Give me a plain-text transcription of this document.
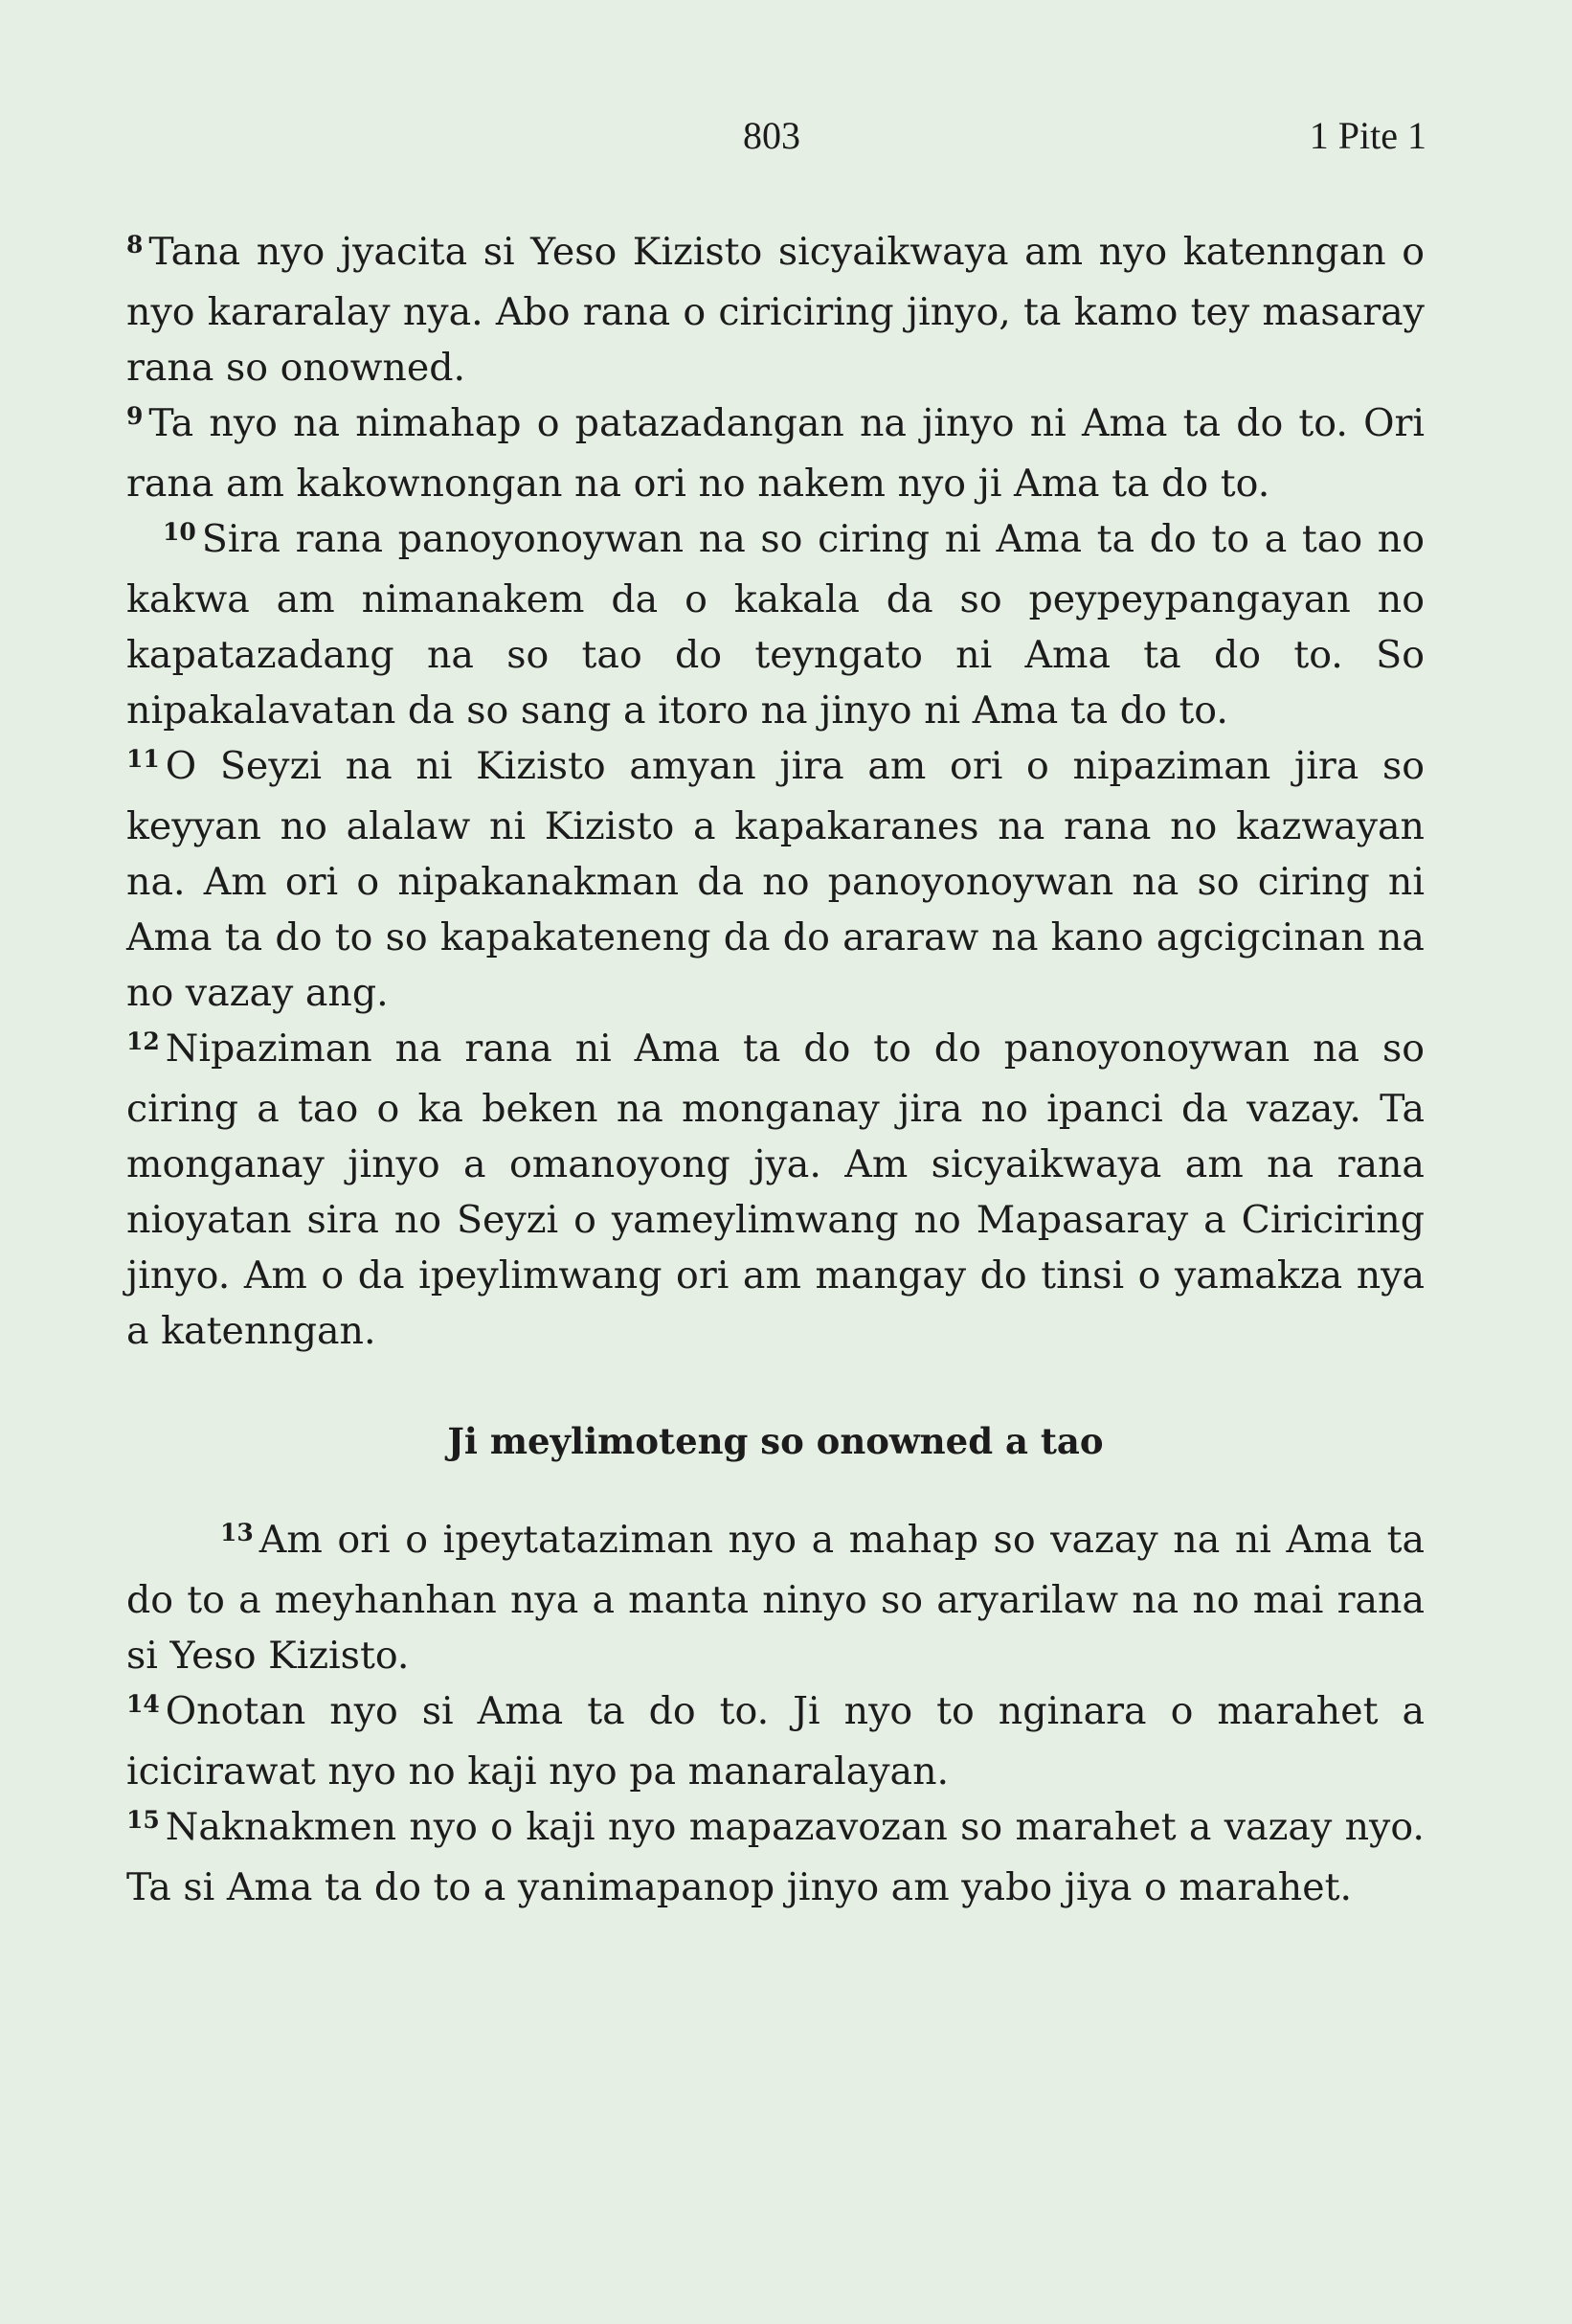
803	1 Pite 1

$^8$ Tana nyo jyacita si Yeso Kizisto sicyaikwaya am nyo katenngan o nyo kararalay nya. Abo rana o ciriciring jinyo, ta kamo tey masaray rana so onowned.

$^9$ Ta nyo na nimahap o patazadangan na jinyo ni Ama ta do to. Ori rana am kakownongan na ori no nakem nyo ji Ama ta do to.

$^{10}$ Sira rana panoyonoywan na so ciring ni Ama ta do to a tao no kakwa am nimanakem da o kakala da so peypeypangayan no kapatazadang na so tao do teyngato ni Ama ta do to. So nipakalavatan da so sang a itoro na jinyo ni Ama ta do to.

$^{11}$ O Seyzi na ni Kizisto amyan jira am ori o nipaziman jira so keyyan no alalaw ni Kizisto a kapakaranes na rana no kazwayan na. Am ori o nipakanakman da no panoyonoywan na so ciring ni Ama ta do to so kapakateneng da do araraw na kano agcigcinan na no vazay ang.

$^{12}$ Nipaziman na rana ni Ama ta do to do panoyonoywan na so ciring a tao o ka beken na monganay jira no ipanci da vazay. Ta monganay jinyo a omanoyong jya. Am sicyaikwaya am na rana nioyatan sira no Seyzi o yameylimwang no Mapasaray a Ciriciring jinyo. Am o da ipeylimwang ori am mangay do tinsi o yamakza nya a katenngan.

Ji meylimoteng so onowned a tao

$^{13}$ Am ori o ipeytataziman nyo a mahap so vazay na ni Ama ta do to a meyhanhan nya a manta ninyo so aryarilaw na no mai rana si Yeso Kizisto.

$^{14}$ Onotan nyo si Ama ta do to. Ji nyo to nginara o marahet a icicirawat nyo no kaji nyo pa manaralayan.

$^{15}$ Naknakmen nyo o kaji nyo mapazavozan so marahet a vazay nyo. Ta si Ama ta do to a yanimapanop jinyo am yabo jiya o marahet.
